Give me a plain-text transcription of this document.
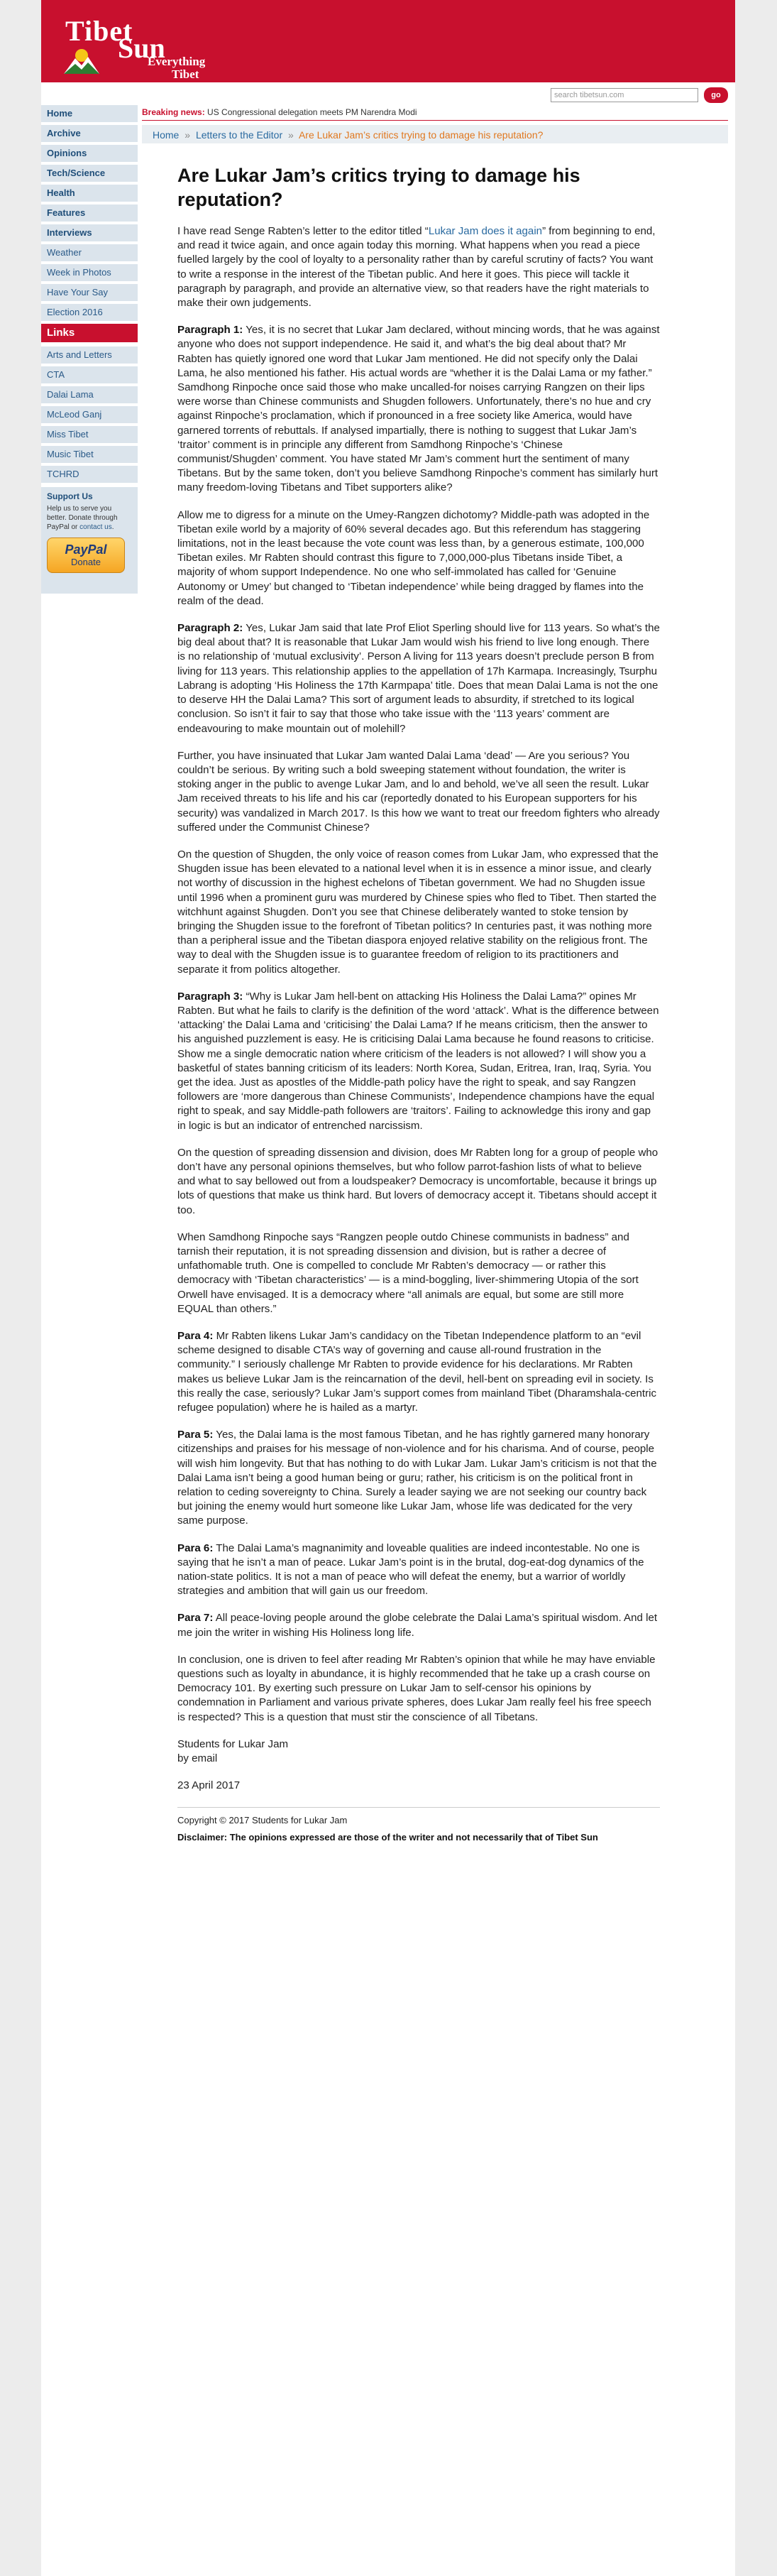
Tibet
Sun
Everything
Tibet
search tibetsun.com	go
Home
Archive
Opinions
Tech/Science
Health
Features
Interviews
Weather
Week in Photos
Have Your Say
Election 2016
Links
Arts and Letters
CTA
Dalai Lama
McLeod Ganj
Miss Tibet
Music Tibet
TCHRD
Support Us
Help us to serve you better. Donate through PayPal or contact us.
PayPal
Donate
Breaking news: US Congressional delegation meets PM Narendra Modi
Home » Letters to the Editor » Are Lukar Jam’s critics trying to damage his reputation?
Are Lukar Jam’s critics trying to damage his reputation?

I have read Senge Rabten’s letter to the editor titled “Lukar Jam does it again” from beginning to end, and read it twice again, and once again today this morning. What happens when you read a piece fuelled largely by the cool of loyalty to a personality rather than by careful scrutiny of facts? You want to write a response in the interest of the Tibetan public. And here it goes. This piece will tackle it paragraph by paragraph, and provide an alternative view, so that readers have the right materials to make their own judgements.

Paragraph 1: Yes, it is no secret that Lukar Jam declared, without mincing words, that he was against anyone who does not support independence. He said it, and what’s the big deal about that? Mr Rabten has quietly ignored one word that Lukar Jam mentioned. He did not specify only the Dalai Lama, he also mentioned his father. His actual words are “whether it is the Dalai Lama or my father.” Samdhong Rinpoche once said those who make uncalled-for noises carrying Rangzen on their lips were worse than Chinese communists and Shugden followers. Unfortunately, there’s no hue and cry against Rinpoche’s proclamation, which if pronounced in a free society like America, would have garnered torrents of rebuttals. If analysed impartially, there is nothing to suggest that Lukar Jam’s ‘traitor’ comment is in principle any different from Samdhong Rinpoche’s ‘Chinese communist/Shugden’ comment. You have stated Mr Jam’s comment hurt the sentiment of many Tibetans. But by the same token, don’t you believe Samdhong Rinpoche’s comment has similarly hurt many freedom-loving Tibetans and Tibet supporters alike?

Allow me to digress for a minute on the Umey-Rangzen dichotomy? Middle-path was adopted in the Tibetan exile world by a majority of 60% several decades ago. But this referendum has staggering limitations, not in the least because the vote count was less than, by a generous estimate, 100,000 Tibetan exiles. Mr Rabten should contrast this figure to 7,000,000-plus Tibetans inside Tibet, a majority of whom support Independence. No one who self-immolated has called for ‘Genuine Autonomy or Umey’ but changed to ‘Tibetan independence’ while being dragged by flames into the realm of the dead.

Paragraph 2: Yes, Lukar Jam said that late Prof Eliot Sperling should live for 113 years. So what’s the big deal about that? It is reasonable that Lukar Jam would wish his friend to live long enough. There is no relationship of ‘mutual exclusivity’. Person A living for 113 years doesn’t preclude person B from living for 113 years. This relationship applies to the appellation of 17h Karmapa. Increasingly, Tsurphu Labrang is adopting ‘His Holiness the 17th Karmpapa’ title. Does that mean Dalai Lama is not the one to deserve HH the Dalai Lama? This sort of argument leads to absurdity, if stretched to its logical conclusion. So isn’t it fair to say that those who take issue with the ‘113 years’ comment are endeavouring to make mountain out of molehill?

Further, you have insinuated that Lukar Jam wanted Dalai Lama ‘dead’ — Are you serious? You couldn’t be serious. By writing such a bold sweeping statement without foundation, the writer is stoking anger in the public to avenge Lukar Jam, and lo and behold, we’ve all seen the result. Lukar Jam received threats to his life and his car (reportedly donated to his European supporters for his security) was vandalized in March 2017. Is this how we want to treat our freedom fighters who already suffered under the Communist Chinese?

On the question of Shugden, the only voice of reason comes from Lukar Jam, who expressed that the Shugden issue has been elevated to a national level when it is in essence a minor issue, and clearly not worthy of discussion in the highest echelons of Tibetan government. We had no Shugden issue until 1996 when a prominent guru was murdered by Chinese spies who fled to Tibet. Then started the witchhunt against Shugden. Don’t you see that Chinese deliberately wanted to stoke tension by bringing the Shugden issue to the forefront of Tibetan politics? In centuries past, it was nothing more than a peripheral issue and the Tibetan diaspora enjoyed relative stability on the religious front. The way to deal with the Shugden issue is to guarantee freedom of religion to its practitioners and separate it from politics altogether.

Paragraph 3: “Why is Lukar Jam hell-bent on attacking His Holiness the Dalai Lama?” opines Mr Rabten. But what he fails to clarify is the definition of the word ‘attack’. What is the difference between ‘attacking’ the Dalai Lama and ‘criticising’ the Dalai Lama? If he means criticism, then the answer to his anguished puzzlement is easy. He is criticising Dalai Lama because he found reasons to criticise. Show me a single democratic nation where criticism of the leaders is not allowed? I will show you a basketful of states banning criticism of its leaders: North Korea, Sudan, Eritrea, Iran, Iraq, Syria. You get the idea. Just as apostles of the Middle-path policy have the right to speak, and say Rangzen followers are ‘more dangerous than Chinese Communists’, Independence champions have the equal right to speak, and say Middle-path followers are ‘traitors’. Failing to acknowledge this irony and gap in logic is but an indicator of entrenched narcissism.

On the question of spreading dissension and division, does Mr Rabten long for a group of people who don’t have any personal opinions themselves, but who follow parrot-fashion lists of what to believe and what to say bellowed out from a loudspeaker? Democracy is uncomfortable, because it brings up lots of questions that make us think hard. But lovers of democracy accept it. Tibetans should accept it too.

When Samdhong Rinpoche says “Rangzen people outdo Chinese communists in badness” and tarnish their reputation, it is not spreading dissension and division, but is rather a decree of unfathomable truth. One is compelled to conclude Mr Rabten’s democracy — or rather this democracy with ‘Tibetan characteristics’ — is a mind-boggling, liver-shimmering Utopia of the sort Orwell have envisaged. It is a democracy where “all animals are equal, but some are still more EQUAL than others.”

Para 4: Mr Rabten likens Lukar Jam’s candidacy on the Tibetan Independence platform to an “evil scheme designed to disable CTA’s way of governing and cause all-round frustration in the community.” I seriously challenge Mr Rabten to provide evidence for his declarations. Mr Rabten makes us believe Lukar Jam is the reincarnation of the devil, hell-bent on spreading evil in society. Is this really the case, seriously? Lukar Jam’s support comes from mainland Tibet (Dharamshala-centric refugee population) where he is hailed as a martyr.

Para 5: Yes, the Dalai lama is the most famous Tibetan, and he has rightly garnered many honorary citizenships and praises for his message of non-violence and for his charisma. And of course, people will wish him longevity. But that has nothing to do with Lukar Jam. Lukar Jam’s criticism is not that the Dalai Lama isn’t being a good human being or guru; rather, his criticism is on the political front in relation to ceding sovereignty to China. Surely a leader saying we are not seeking our country back but joining the enemy would hurt someone like Lukar Jam, whose life was dedicated for the very same purpose.

Para 6: The Dalai Lama’s magnanimity and loveable qualities are indeed incontestable. No one is saying that he isn’t a man of peace. Lukar Jam’s point is in the brutal, dog-eat-dog dynamics of the nation-state politics. It is not a man of peace who will defeat the enemy, but a warrior of worldly strategies and ambition that will gain us our freedom.

Para 7: All peace-loving people around the globe celebrate the Dalai Lama’s spiritual wisdom. And let me join the writer in wishing His Holiness long life.

In conclusion, one is driven to feel after reading Mr Rabten’s opinion that while he may have enviable questions such as loyalty in abundance, it is highly recommended that he take up a crash course on Democracy 101. By exerting such pressure on Lukar Jam to self-censor his opinions by condemnation in Parliament and various private spheres, does Lukar Jam really feel his free speech is respected? This is a question that must stir the conscience of all Tibetans.

Students for Lukar Jam
by email
23 April 2017
Copyright © 2017 Students for Lukar Jam
Disclaimer: The opinions expressed are those of the writer and not necessarily that of Tibet Sun
